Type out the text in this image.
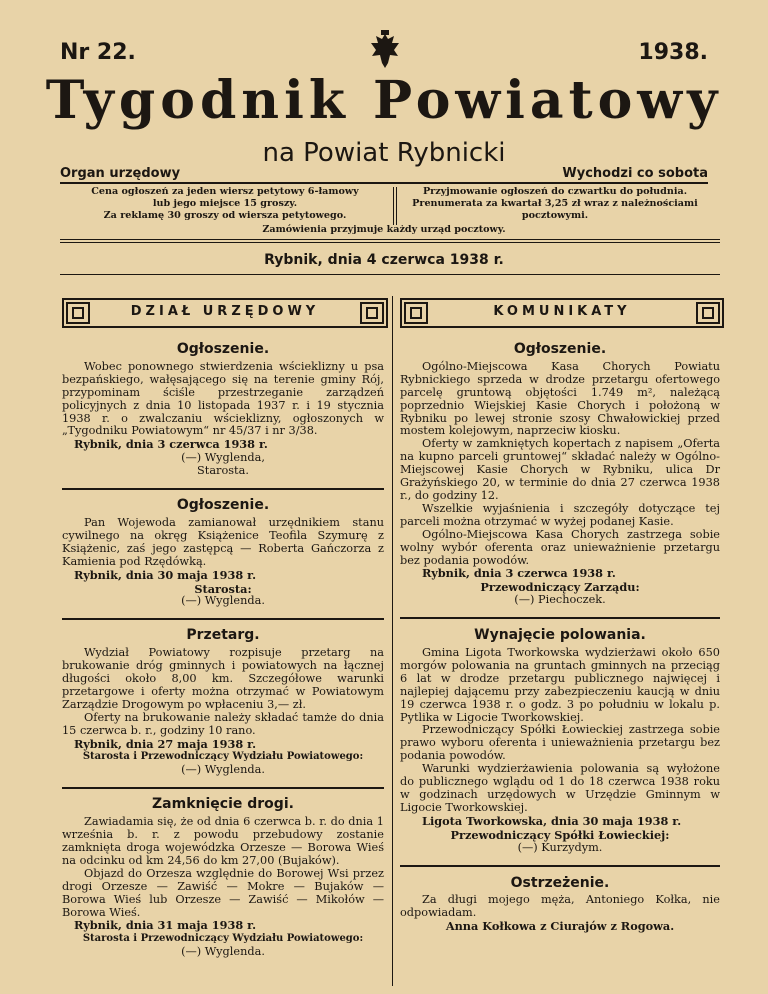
Nr 22.	1938.
Tygodnik Powiatowy
na Powiat Rybnicki
Organ urzędowy	Wychodzi co sobota
Cena ogłoszeń za jeden wiersz petytowy 6-łamowy
lub jego miejsce 15 groszy.
Za reklamę 30 groszy od wiersza petytowego.
Przyjmowanie ogłoszeń do czwartku do południa.
Prenumerata za kwartał 3,25 zł wraz z należnościami
pocztowymi.
Zamówienia przyjmuje każdy urząd pocztowy.
Rybnik, dnia 4 czerwca 1938 r.
DZIAŁ URZĘDOWY	KOMUNIKATY
Ogłoszenie.

Wobec ponownego stwierdzenia wścieklizny u psa bezpańskiego, wałęsającego się na terenie gminy Rój, przypominam ściśle przestrzeganie zarządzeń policyjnych z dnia 10 listopada 1937 r. i 19 stycznia 1938 r. o zwalczaniu wścieklizny, ogłoszonych w „Tygodniku Powiatowym“ nr 45/37 i nr 3/38.

Rybnik, dnia 3 czerwca 1938 r.
(—) Wyglenda,
Starosta.
Ogłoszenie.

Pan Wojewoda zamianował urzędnikiem stanu cywilnego na okręg Książenice Teofila Szymurę z Książenic, zaś jego zastępcą — Roberta Gańczorza z Kamienia pod Rzędówką.

Rybnik, dnia 30 maja 1938 r.
Starosta:
(—) Wyglenda.
Przetarg.

Wydział Powiatowy rozpisuje przetarg na brukowanie dróg gminnych i powiatowych na łącznej długości około 8,00 km. Szczegółowe warunki przetargowe i oferty można otrzymać w Powiatowym Zarządzie Drogowym po wpłaceniu 3,— zł.

Oferty na brukowanie należy składać tamże do dnia 15 czerwca b. r., godziny 10 rano.

Rybnik, dnia 27 maja 1938 r.
Starosta i Przewodniczący Wydziału Powiatowego:
(—) Wyglenda.
Zamknięcie drogi.

Zawiadamia się, że od dnia 6 czerwca b. r. do dnia 1 września b. r. z powodu przebudowy zostanie zamknięta droga wojewódzka Orzesze — Borowa Wieś na odcinku od km 24,56 do km 27,00 (Bujaków).

Objazd do Orzesza względnie do Borowej Wsi przez drogi Orzesze — Zawiść — Mokre — Bujaków — Borowa Wieś lub Orzesze — Zawiść — Mikołów — Borowa Wieś.

Rybnik, dnia 31 maja 1938 r.
Starosta i Przewodniczący Wydziału Powiatowego:
(—) Wyglenda.
Ogłoszenie.

Ogólno-Miejscowa Kasa Chorych Powiatu Rybnickiego sprzeda w drodze przetargu ofertowego parcelę gruntową objętości 1.749 m², należącą poprzednio Wiejskiej Kasie Chorych i położoną w Rybniku po lewej stronie szosy Chwałowickiej przed mostem kolejowym, naprzeciw kiosku.

Oferty w zamkniętych kopertach z napisem „Oferta na kupno parceli gruntowej“ składać należy w Ogólno-Miejscowej Kasie Chorych w Rybniku, ulica Dr Grażyńskiego 20, w terminie do dnia 27 czerwca 1938 r., do godziny 12.

Wszelkie wyjaśnienia i szczegóły dotyczące tej parceli można otrzymać w wyżej podanej Kasie.

Ogólno-Miejscowa Kasa Chorych zastrzega sobie wolny wybór oferenta oraz unieważnienie przetargu bez podania powodów.

Rybnik, dnia 3 czerwca 1938 r.
Przewodniczący Zarządu:
(—) Piechoczek.
Wynajęcie polowania.

Gmina Ligota Tworkowska wydzierżawi około 650 morgów polowania na gruntach gminnych na przeciąg 6 lat w drodze przetargu publicznego najwięcej i najlepiej dającemu przy zabezpieczeniu kaucją w dniu 19 czerwca 1938 r. o godz. 3 po południu w lokalu p. Pytlika w Ligocie Tworkowskiej.

Przewodniczący Spółki Łowieckiej zastrzega sobie prawo wyboru oferenta i unieważnienia przetargu bez podania powodów.

Warunki wydzierżawienia polowania są wyłożone do publicznego wglądu od 1 do 18 czerwca 1938 roku w godzinach urzędowych w Urzędzie Gminnym w Ligocie Tworkowskiej.

Ligota Tworkowska, dnia 30 maja 1938 r.
Przewodniczący Spółki Łowieckiej:
(—) Kurzydym.
Ostrzeżenie.

Za długi mojego męża, Antoniego Kołka, nie odpowiadam.

Anna Kołkowa z Ciurajów z Rogowa.
